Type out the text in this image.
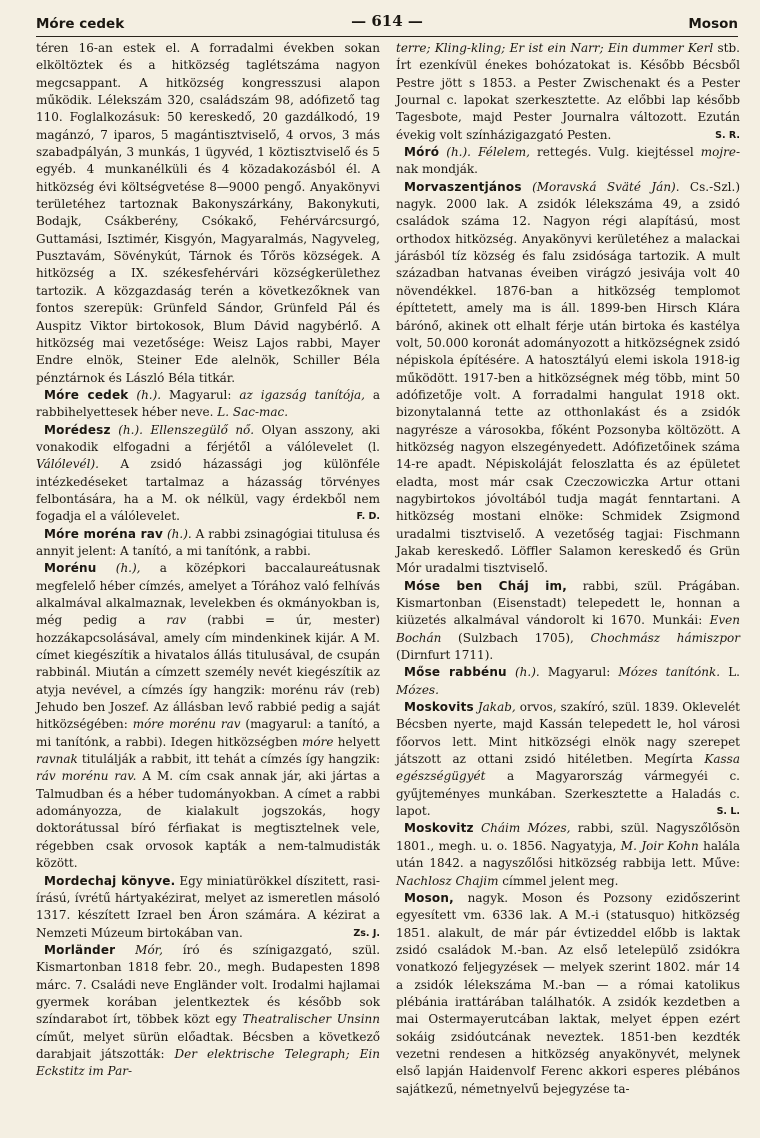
Móre cedek	— 614 —	Moson

téren 16-an estek el. A forradalmi években sokan elköltöztek és a hitközség taglétszáma nagyon megcsappant. A hitközség kongresszusi alapon működik. Lélekszám 320, családszám 98, adófizető tag 110. Foglalkozásuk: 50 kereskedő, 20 gazdálkodó, 19 magánzó, 7 iparos, 5 magántisztviselő, 4 orvos, 3 más szabadpályán, 3 munkás, 1 ügyvéd, 1 köztisztviselő és 5 egyéb. 4 munkanélküli és 4 közadakozásból él. A hitközség évi költségvetése 8—9000 pengő. Anyakönyvi területéhez tartoznak Bakonyszárkány, Bakonykuti, Bodajk, Csákberény, Csókakő, Fehérvárcsurgó, Guttamási, Isztimér, Kisgyón, Magyaralmás, Nagyveleg, Pusztavám, Sövénykút, Tárnok és Tőrös községek. A hitközség a IX. székesfehérvári községkerülethez tartozik. A közgazdaság terén a következőknek van fontos szerepük: Grünfeld Sándor, Grünfeld Pál és Auspitz Viktor birtokosok, Blum Dávid nagybérlő. A hitközség mai vezetősége: Weisz Lajos rabbi, Mayer Endre elnök, Steiner Ede alelnök, Schiller Béla pénztárnok és László Béla titkár.

Móre cedek (h.). Magyarul: az igazság tanítója, a rabbihelyettesek héber neve. L. Sac-mac.

Morédesz (h.). Ellenszegülő nő. Olyan asszony, aki vonakodik elfogadni a férjétől a válólevelet (l. Válólevél). A zsidó házassági jog különféle intézkedéseket tartalmaz a házasság törvényes felbontására, ha a M. ok nélkül, vagy érdekből nem fogadja el a válólevelet.	F. D.

Móre moréna rav (h.). A rabbi zsinagógiai titulusa és annyit jelent: A tanító, a mi tanítónk, a rabbi.

Morénu (h.), a középkori baccalaureátusnak megfelelő héber címzés, amelyet a Tórához való felhívás alkalmával alkalmaznak, levelekben és okmányokban is, még pedig a rav (rabbi = úr, mester) hozzákapcsolásával, amely cím mindenkinek kijár. A M. címet kiegészítik a hivatalos állás titulusával, de csupán rabbinál. Miután a címzett személy nevét kiegészítik az atyja nevével, a címzés így hangzik: morénu ráv (reb) Jehudo ben Joszef. Az állásban levő rabbié pedig a saját hitközségében: móre morénu rav (magyarul: a tanító, a mi tanítónk, a rabbi). Idegen hitközségben móre helyett ravnak titulálják a rabbit, itt tehát a címzés így hangzik: ráv morénu rav. A M. cím csak annak jár, aki jártas a Talmudban és a héber tudományokban. A címet a rabbi adományozza, de kialakult jogszokás, hogy doktorátussal bíró férfiakat is megtisztelnek vele, régebben csak orvosok kapták a nem-talmudisták között.

Mordechaj könyve. Egy miniatürökkel díszitett, rasi-írású, ívrétű hártyakézirat, melyet az ismeretlen másoló 1317. készített Izrael ben Áron számára. A kézirat a Nemzeti Múzeum birtokában van.	Zs. J.

Morländer Mór, író és színigazgató, szül. Kismartonban 1818 febr. 20., megh. Budapesten 1898 márc. 7. Családi neve Engländer volt. Irodalmi hajlamai gyermek korában jelentkeztek és később sok színdarabot írt, többek közt egy Theatralischer Unsinn címűt, melyet sürün előadtak. Bécsben a következő darabjait játszották: Der elektrische Telegraph; Ein Eckstitz im Par-

terre; Kling-kling; Er ist ein Narr; Ein dummer Kerl stb. Írt ezenkívül énekes bohózatokat is. Később Bécsből Pestre jött s 1853. a Pester Zwischenakt és a Pester Journal c. lapokat szerkesztette. Az előbbi lap később Tagesbote, majd Pester Journalra változott. Ezután évekig volt színházigazgató Pesten.	S. R.

Móró (h.). Félelem, rettegés. Vulg. kiejtéssel mojre-nak mondják.

Morvaszentjános (Moravská Sväté Ján). Cs.-Szl.) nagyk. 2000 lak. A zsidók lélekszáma 49, a zsidó családok száma 12. Nagyon régi alapítású, most orthodox hitközség. Anyakönyvi kerületéhez a malackai járásból tíz község és falu zsidósága tartozik. A mult században hatvanas éveiben virágzó jesivája volt 40 növendékkel. 1876-ban a hitközség templomot építtetett, amely ma is áll. 1899-ben Hirsch Klára bárónő, akinek ott elhalt férje után birtoka és kastélya volt, 50.000 koronát adományozott a hitközségnek zsidó népiskola építésére. A hatosztályú elemi iskola 1918-ig működött. 1917-ben a hitközségnek még több, mint 50 adófizetője volt. A forradalmi hangulat 1918 okt. bizonytalanná tette az otthonlakást és a zsidók nagyrésze a városokba, főként Pozsonyba költözött. A hitközség nagyon elszegényedett. Adófizetőinek száma 14-re apadt. Népiskoláját feloszlatta és az épületet eladta, most már csak Czeczowiczka Artur ottani nagybirtokos jóvoltából tudja magát fenntartani. A hitközség mostani elnöke: Schmidek Zsigmond uradalmi tisztviselő. A vezetőség tagjai: Fischmann Jakab kereskedő. Löffler Salamon kereskedő és Grün Mór uradalmi tisztviselő.

Móse ben Cháj im, rabbi, szül. Prágában. Kismartonban (Eisenstadt) telepedett le, honnan a kiüzetés alkalmával vándorolt ki 1670. Munkái: Even Bochán (Sulzbach 1705), Chochmász hámiszpor (Dirnfurt 1711).

Mőse rabbénu (h.). Magyarul: Mózes tanítónk. L. Mózes.

Moskovits Jakab, orvos, szakíró, szül. 1839. Oklevelét Bécsben nyerte, majd Kassán telepedett le, hol városi főorvos lett. Mint hitközségi elnök nagy szerepet játszott az ottani zsidó hitéletben. Megírta Kassa egészségügyét a Magyarország vármegyéi c. gyűjteményes munkában. Szerkesztette a Haladás c. lapot.	S. L.

Moskovitz Cháim Mózes, rabbi, szül. Nagyszőlősön 1801., megh. u. o. 1856. Nagyatyja, M. Joir Kohn halála után 1842. a nagyszőlősi hitközség rabbija lett. Műve: Nachlosz Chajim címmel jelent meg.

Moson, nagyk. Moson és Pozsony ezidőszerint egyesített vm. 6336 lak. A M.-i (statusquo) hitközség 1851. alakult, de már pár évtizeddel előbb is laktak zsidó családok M.-ban. Az első letelepülő zsidókra vonatkozó feljegyzések — melyek szerint 1802. már 14 a zsidók lélekszáma M.-ban — a római katolikus plébánia irattárában találhatók. A zsidók kezdetben a mai Ostermayerutcában laktak, melyet éppen ezért sokáig zsidóutcának neveztek. 1851-ben kezdték vezetni rendesen a hitközség anyakönyvét, melynek első lapján Haidenvolf Ferenc akkori esperes plébános sajátkezű, németnyelvű bejegyzése ta-
